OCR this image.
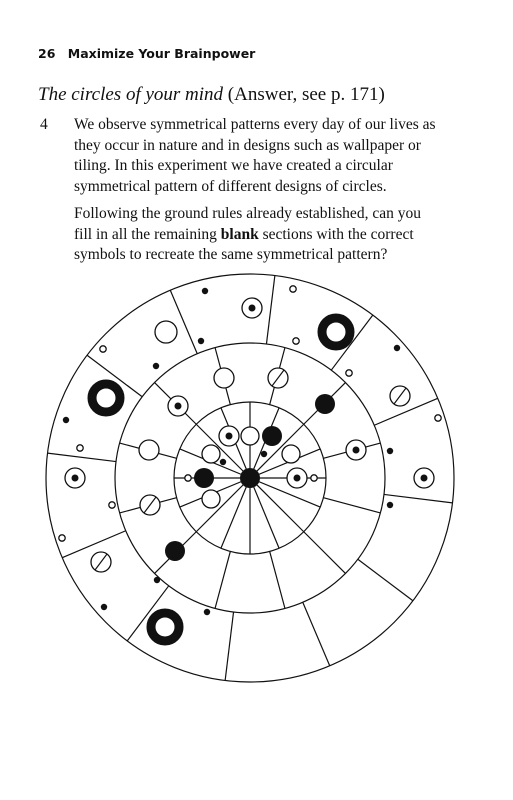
26 Maximize Your Brainpower
The circles of your mind (Answer, see p. 171)
4 We observe symmetrical patterns every day of our lives as
they occur in nature and in designs such as wallpaper or
tiling. In this experiment we have created a circular
symmetrical pattern of different designs of circles.
Following the ground rules already established, can you
fill in all the remaining blank sections with the correct
symbols to recreate the same symmetrical pattern?
